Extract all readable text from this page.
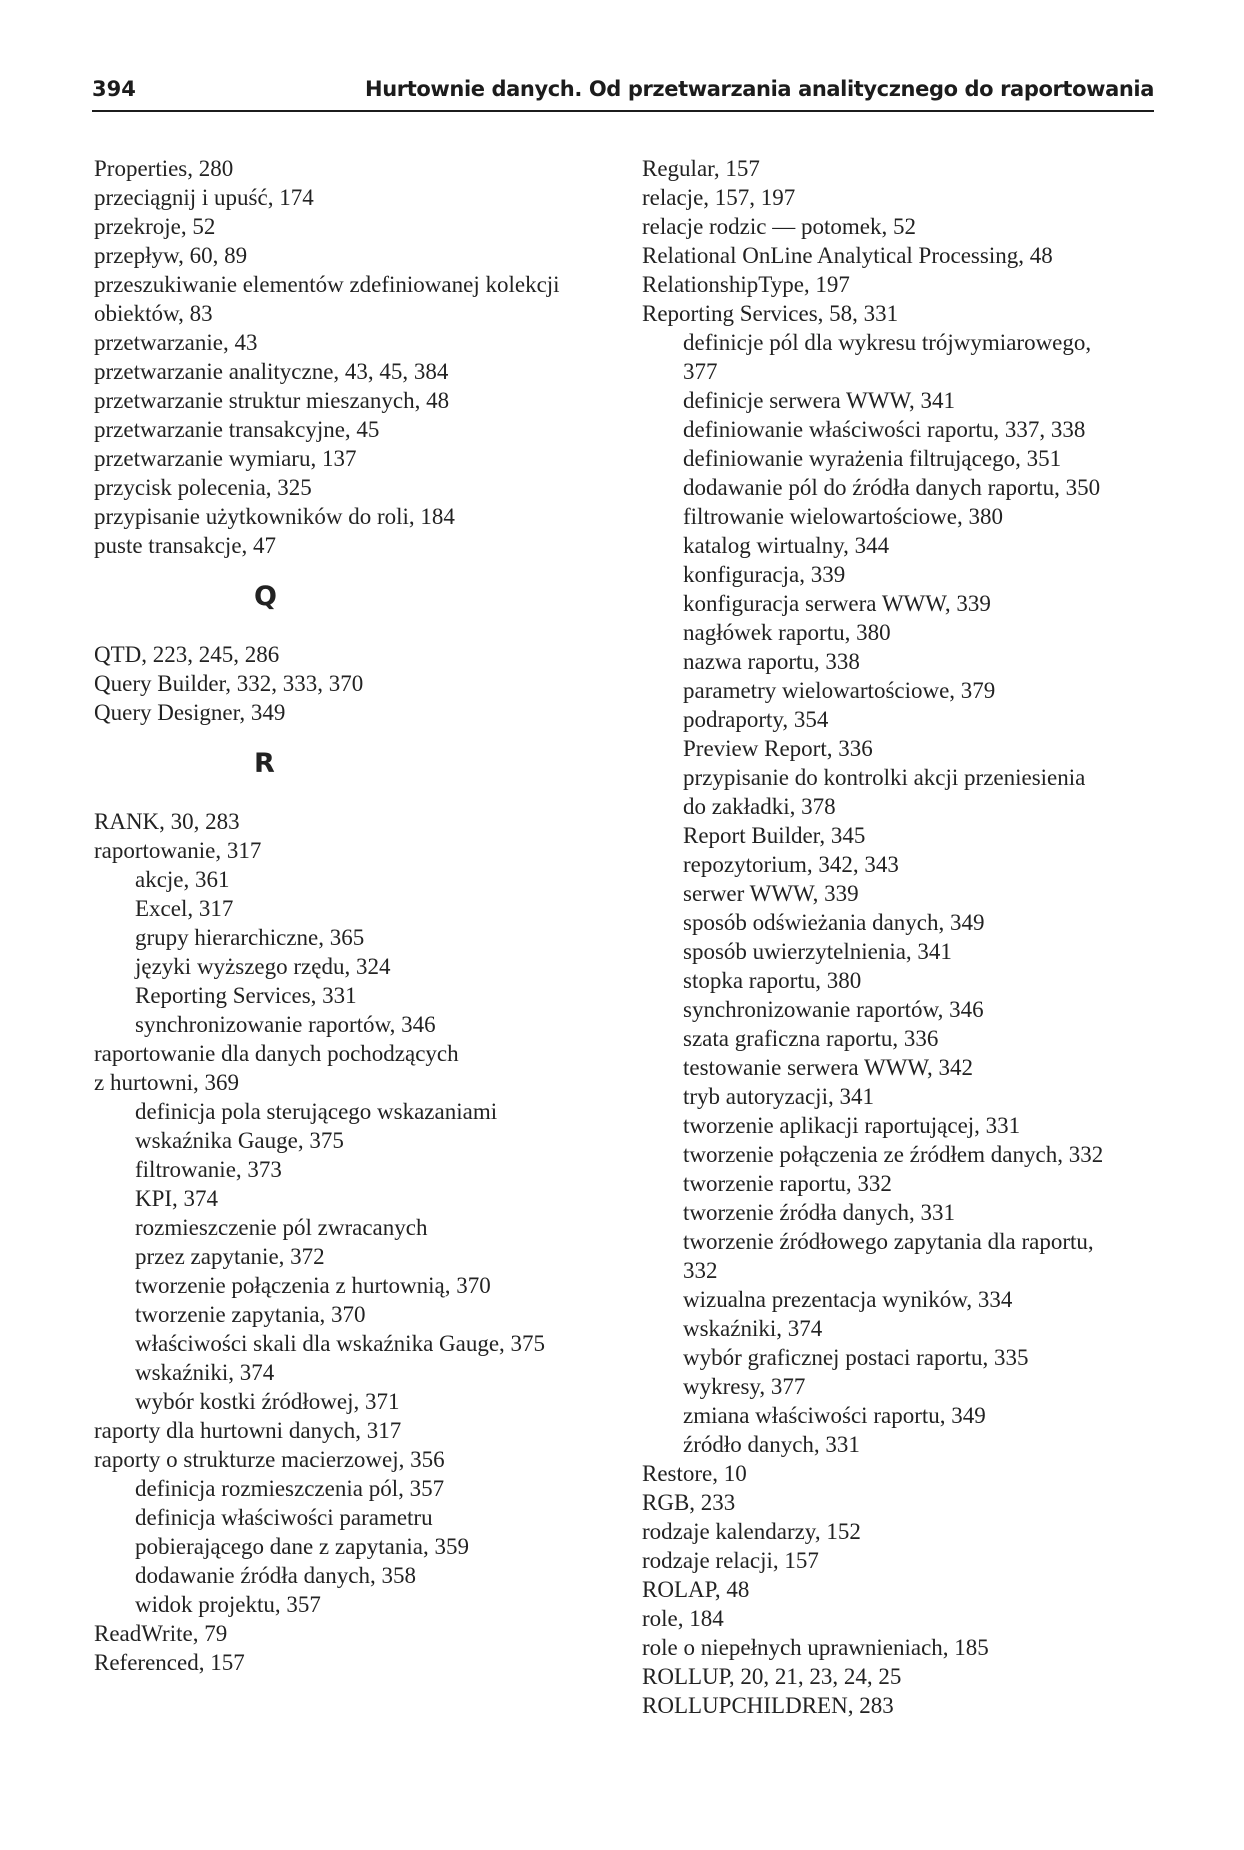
394	Hurtownie danych. Od przetwarzania analitycznego do raportowania
Properties, 280
przeciągnij i upuść, 174
przekroje, 52
przepływ, 60, 89
przeszukiwanie elementów zdefiniowanej kolekcji
obiektów, 83
przetwarzanie, 43
przetwarzanie analityczne, 43, 45, 384
przetwarzanie struktur mieszanych, 48
przetwarzanie transakcyjne, 45
przetwarzanie wymiaru, 137
przycisk polecenia, 325
przypisanie użytkowników do roli, 184
puste transakcje, 47
Q
QTD, 223, 245, 286
Query Builder, 332, 333, 370
Query Designer, 349
R
RANK, 30, 283
raportowanie, 317
akcje, 361
Excel, 317
grupy hierarchiczne, 365
języki wyższego rzędu, 324
Reporting Services, 331
synchronizowanie raportów, 346
raportowanie dla danych pochodzących
z hurtowni, 369
definicja pola sterującego wskazaniami
wskaźnika Gauge, 375
filtrowanie, 373
KPI, 374
rozmieszczenie pól zwracanych
przez zapytanie, 372
tworzenie połączenia z hurtownią, 370
tworzenie zapytania, 370
właściwości skali dla wskaźnika Gauge, 375
wskaźniki, 374
wybór kostki źródłowej, 371
raporty dla hurtowni danych, 317
raporty o strukturze macierzowej, 356
definicja rozmieszczenia pól, 357
definicja właściwości parametru
pobierającego dane z zapytania, 359
dodawanie źródła danych, 358
widok projektu, 357
ReadWrite, 79
Referenced, 157
Regular, 157
relacje, 157, 197
relacje rodzic — potomek, 52
Relational OnLine Analytical Processing, 48
RelationshipType, 197
Reporting Services, 58, 331
definicje pól dla wykresu trójwymiarowego,
377
definicje serwera WWW, 341
definiowanie właściwości raportu, 337, 338
definiowanie wyrażenia filtrującego, 351
dodawanie pól do źródła danych raportu, 350
filtrowanie wielowartościowe, 380
katalog wirtualny, 344
konfiguracja, 339
konfiguracja serwera WWW, 339
nagłówek raportu, 380
nazwa raportu, 338
parametry wielowartościowe, 379
podraporty, 354
Preview Report, 336
przypisanie do kontrolki akcji przeniesienia
do zakładki, 378
Report Builder, 345
repozytorium, 342, 343
serwer WWW, 339
sposób odświeżania danych, 349
sposób uwierzytelnienia, 341
stopka raportu, 380
synchronizowanie raportów, 346
szata graficzna raportu, 336
testowanie serwera WWW, 342
tryb autoryzacji, 341
tworzenie aplikacji raportującej, 331
tworzenie połączenia ze źródłem danych, 332
tworzenie raportu, 332
tworzenie źródła danych, 331
tworzenie źródłowego zapytania dla raportu,
332
wizualna prezentacja wyników, 334
wskaźniki, 374
wybór graficznej postaci raportu, 335
wykresy, 377
zmiana właściwości raportu, 349
źródło danych, 331
Restore, 10
RGB, 233
rodzaje kalendarzy, 152
rodzaje relacji, 157
ROLAP, 48
role, 184
role o niepełnych uprawnieniach, 185
ROLLUP, 20, 21, 23, 24, 25
ROLLUPCHILDREN, 283
